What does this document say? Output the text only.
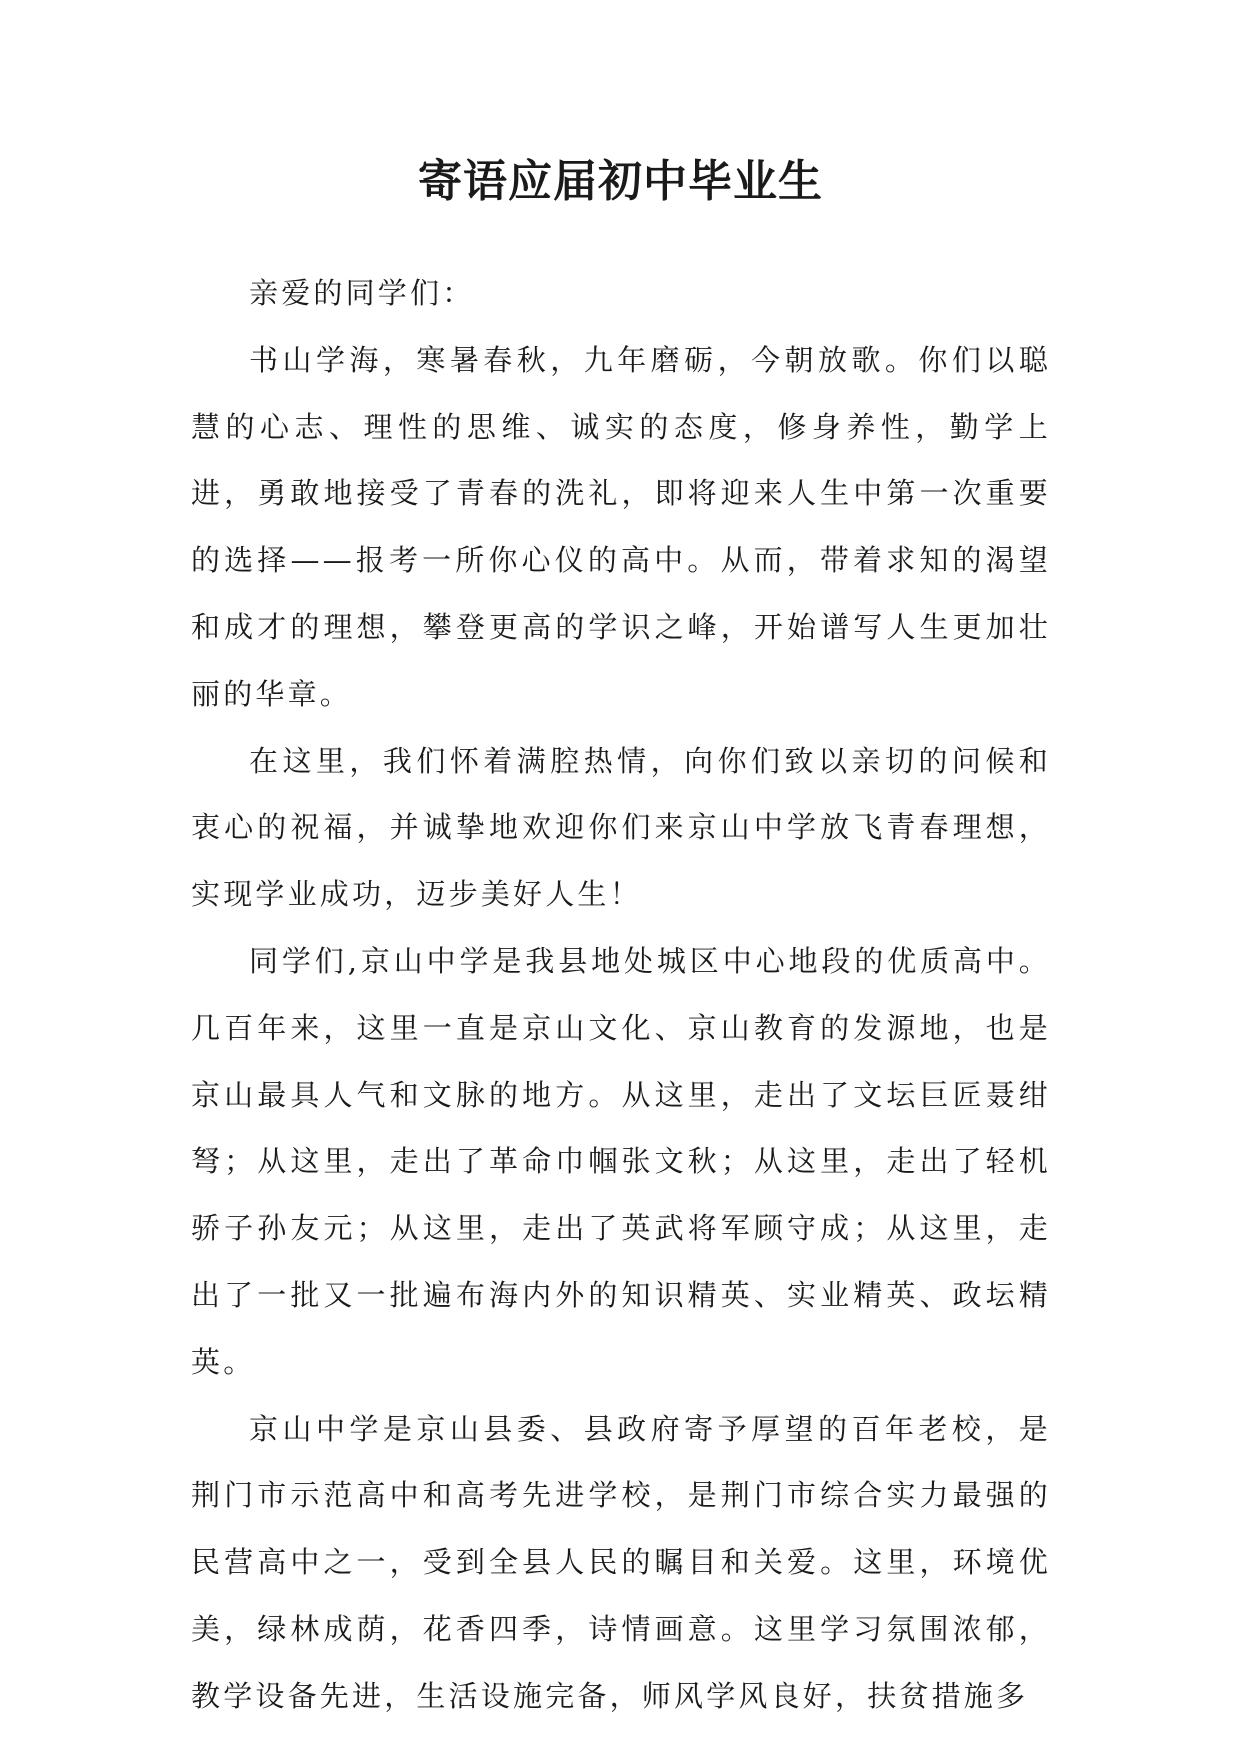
寄语应届初中毕业生

亲爱的同学们：

书山学海，寒暑春秋，九年磨砺，今朝放歌。你们以聪慧的心志、理性的思维、诚实的态度，修身养性，勤学上进，勇敢地接受了青春的洗礼，即将迎来人生中第一次重要的选择——报考一所你心仪的高中。从而，带着求知的渴望和成才的理想，攀登更高的学识之峰，开始谱写人生更加壮丽的华章。

在这里，我们怀着满腔热情，向你们致以亲切的问候和衷心的祝福，并诚挚地欢迎你们来京山中学放飞青春理想，实现学业成功，迈步美好人生！

同学们,京山中学是我县地处城区中心地段的优质高中。几百年来，这里一直是京山文化、京山教育的发源地，也是京山最具人气和文脉的地方。从这里，走出了文坛巨匠聂绀弩；从这里，走出了革命巾帼张文秋；从这里，走出了轻机骄子孙友元；从这里，走出了英武将军顾守成；从这里，走出了一批又一批遍布海内外的知识精英、实业精英、政坛精英。

京山中学是京山县委、县政府寄予厚望的百年老校，是荆门市示范高中和高考先进学校，是荆门市综合实力最强的民营高中之一，受到全县人民的瞩目和关爱。这里，环境优美，绿林成荫，花香四季，诗情画意。这里学习氛围浓郁，教学设备先进，生活设施完备，师风学风良好，扶贫措施多
